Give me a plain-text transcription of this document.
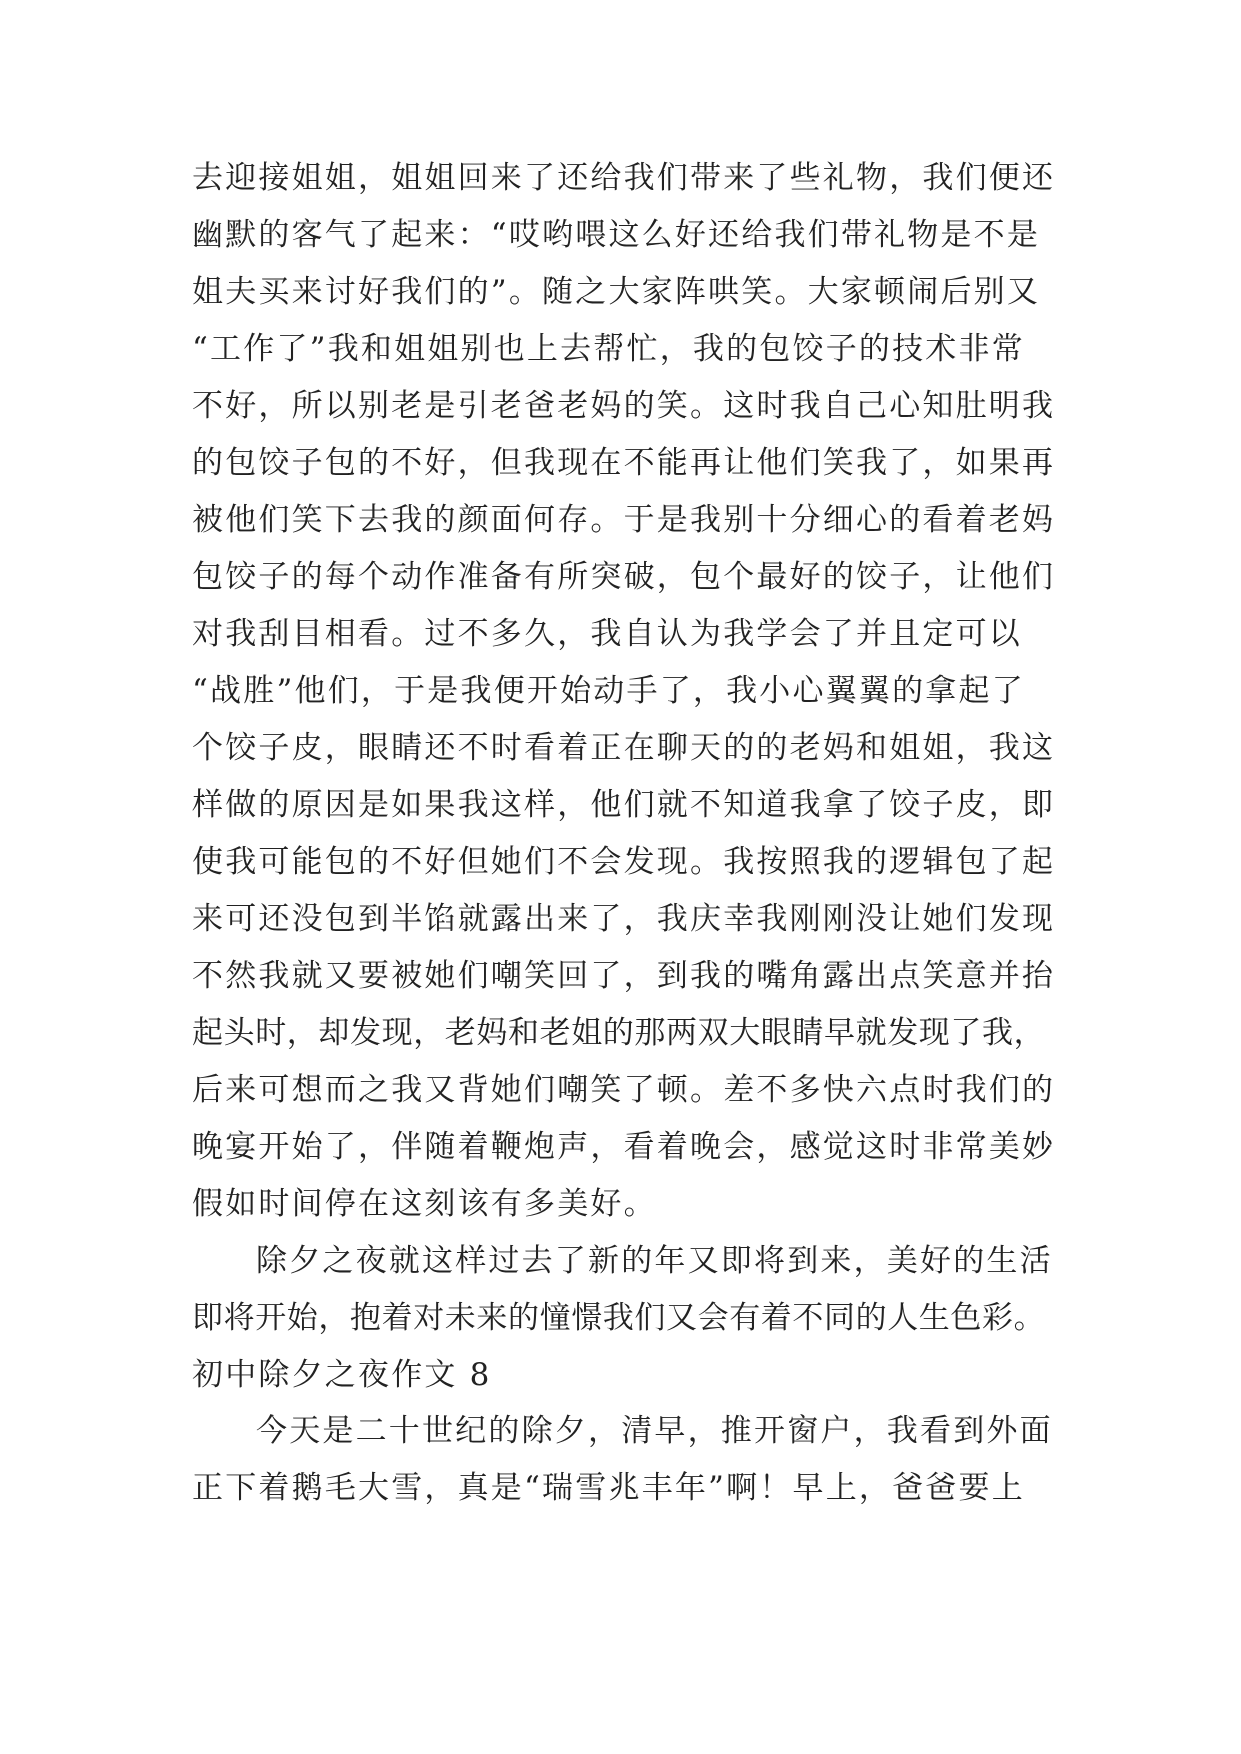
去迎接姐姐，姐姐回来了还给我们带来了些礼物，我们便还
幽默的客气了起来：“哎哟喂这么好还给我们带礼物是不是
姐夫买来讨好我们的”。随之大家阵哄笑。大家顿闹后别又
“工作了”我和姐姐别也上去帮忙，我的包饺子的技术非常
不好，所以别老是引老爸老妈的笑。这时我自己心知肚明我
的包饺子包的不好，但我现在不能再让他们笑我了，如果再
被他们笑下去我的颜面何存。于是我别十分细心的看着老妈
包饺子的每个动作准备有所突破，包个最好的饺子，让他们
对我刮目相看。过不多久，我自认为我学会了并且定可以
“战胜”他们，于是我便开始动手了，我小心翼翼的拿起了
个饺子皮，眼睛还不时看着正在聊天的的老妈和姐姐，我这
样做的原因是如果我这样，他们就不知道我拿了饺子皮，即
使我可能包的不好但她们不会发现。我按照我的逻辑包了起
来可还没包到半馅就露出来了，我庆幸我刚刚没让她们发现
不然我就又要被她们嘲笑回了，到我的嘴角露出点笑意并抬
起头时，却发现，老妈和老姐的那两双大眼睛早就发现了我，
后来可想而之我又背她们嘲笑了顿。差不多快六点时我们的
晚宴开始了，伴随着鞭炮声，看着晚会，感觉这时非常美妙
假如时间停在这刻该有多美好。
除夕之夜就这样过去了新的年又即将到来，美好的生活
即将开始，抱着对未来的憧憬我们又会有着不同的人生色彩。
初中除夕之夜作文 8
今天是二十世纪的除夕，清早，推开窗户，我看到外面
正下着鹅毛大雪，真是“瑞雪兆丰年”啊！早上，爸爸要上
